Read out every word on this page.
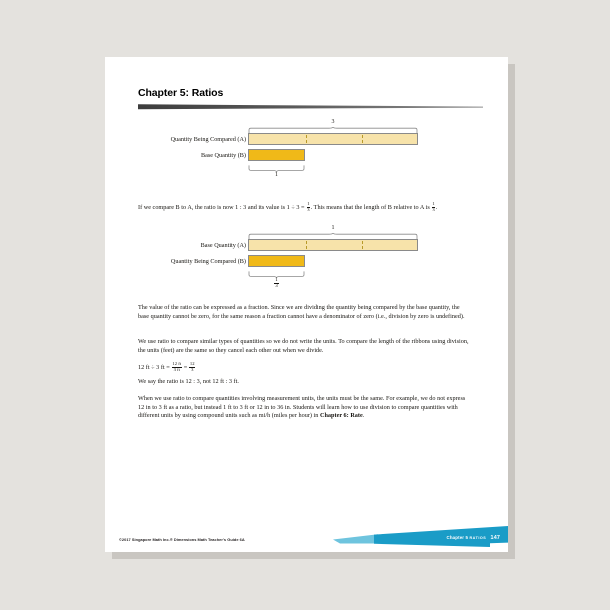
Chapter 5: Ratios
3
Quantity Being Compared (A)
Base Quantity (B)
1
If we compare B to A, the ratio is now 1 : 3 and its value is $1 \div 3 = \frac{1}{3}$ . This means that the length of B relative to A is $\frac{1}{3}$ .
1
Base Quantity (A)
Quantity Being Compared (B)
$\frac{1}{3}$
The value of the ratio can be expressed as a fraction. Since we are dividing the quantity being compared by the base quantity, the base quantity cannot be zero, for the same reason a fraction cannot have a denominator of zero (i.e., division by zero is undefined).
We use ratio to compare similar types of quantities so we do not write the units. To compare the length of the ribbons using division, the units (feet) are the same so they cancel each other out when we divide.
12 ft ÷ 3 ft = $\frac{12 ft}{3 ft} = \frac{12}{3}$
We say the ratio is 12 : 3, not 12 ft : 3 ft.
When we use ratio to compare quantities involving measurement units, the units must be the same. For example, we do not express 12 in to 3 ft as a ratio, but instead 1 ft to 3 ft or 12 in to 36 in. Students will learn how to use division to compare quantities with different units by using compound units such as mi/h (miles per hour) in Chapter 6: Rate.
©2017 Singapore Math Inc.® Dimensions Math Teacher's Guide 6A	Chapter 5 RATIOS 147
